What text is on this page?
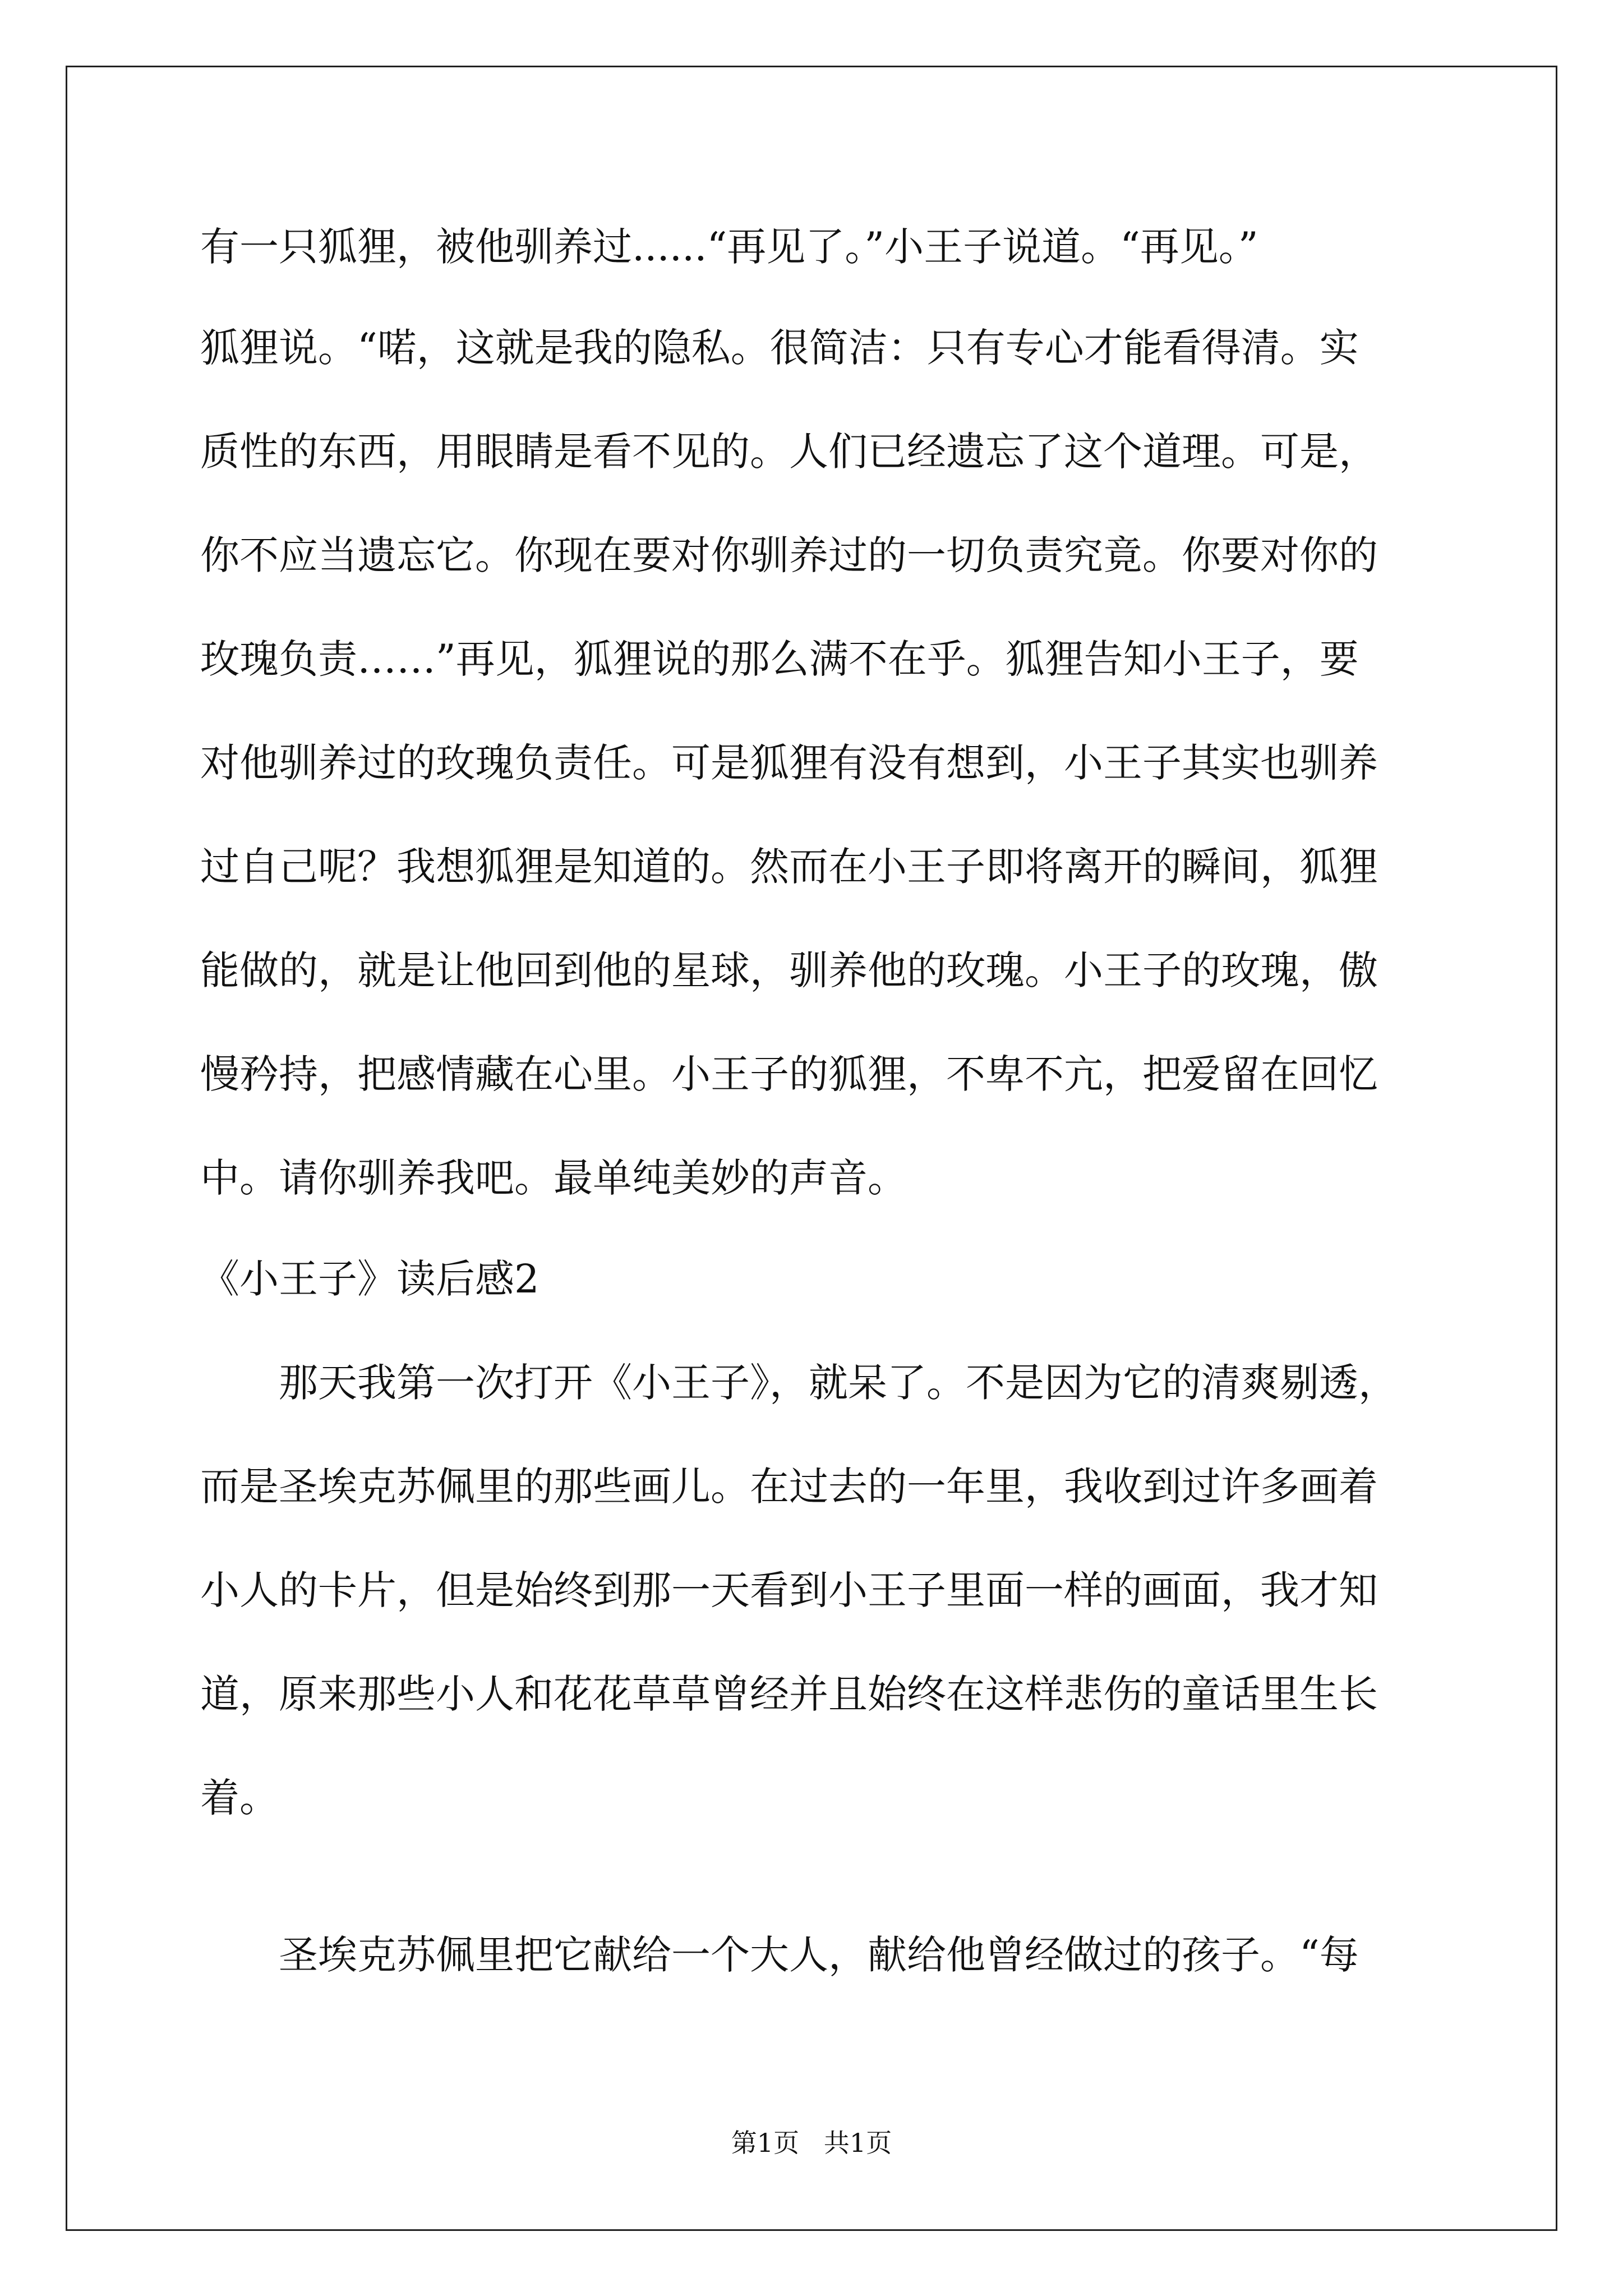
有一只狐狸，被他驯养过......“再见了。”小王子说道。“再见。”
狐狸说。“喏，这就是我的隐私。很简洁：只有专心才能看得清。实
质性的东西，用眼睛是看不见的。人们已经遗忘了这个道理。可是，
你不应当遗忘它。你现在要对你驯养过的一切负责究竟。你要对你的
玫瑰负责……”再见，狐狸说的那么满不在乎。狐狸告知小王子，要
对他驯养过的玫瑰负责任。可是狐狸有没有想到，小王子其实也驯养
过自己呢？我想狐狸是知道的。然而在小王子即将离开的瞬间，狐狸
能做的，就是让他回到他的星球，驯养他的玫瑰。小王子的玫瑰，傲
慢矜持，把感情藏在心里。小王子的狐狸，不卑不亢，把爱留在回忆
中。请你驯养我吧。最单纯美妙的声音。
《小王子》读后感2
那天我第一次打开《小王子》，就呆了。不是因为它的清爽剔透，
而是圣埃克苏佩里的那些画儿。在过去的一年里，我收到过许多画着
小人的卡片，但是始终到那一天看到小王子里面一样的画面，我才知
道，原来那些小人和花花草草曾经并且始终在这样悲伤的童话里生长
着。
圣埃克苏佩里把它献给一个大人，献给他曾经做过的孩子。“每
第1页   共1页
